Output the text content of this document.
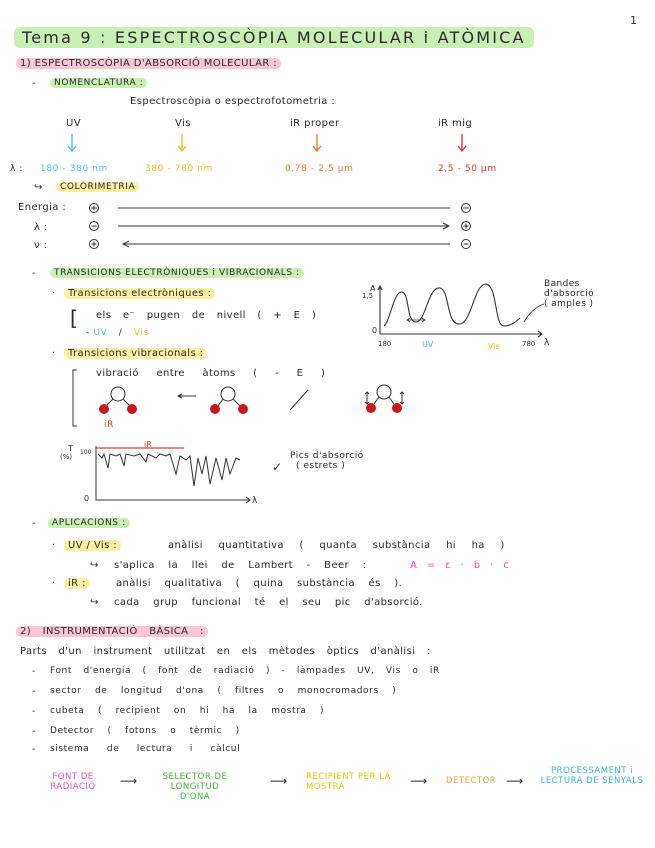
1
Tema 9 : ESPECTROSCÒPIA MOLECULAR i ATÒMICA
1) ESPECTROSCÒPIA D'ABSORCIÓ MOLECULAR :
-	NOMENCLATURA :
Espectroscòpia o espectrofotometria :
UV	Vis	iR proper	iR mig
λ : 180 - 380 nm	380 - 780 nm	0,78 - 2,5 μm	2,5 - 50 μm
↪	COLORIMETRIA
Energia :
λ :
ν :
-	TRANSICIONS ELECTRÒNIQUES i VIBRACIONALS :
·	Transicions electròniques :
[ els e⁻ pugen de nivell ( + E )
- UV / Vis
A
1,5
0
180	UV	Vis	780 λ
Bandes
d'absorció
( amples )
·	Transicions vibracionals :
vibració entre àtoms ( - E )
iR
T
(%)
100
iR
0	λ
✓
Pics d'absorció
( estrets )
-	APLICACIONS :
·	UV / Vis :	anàlisi quantitativa ( quanta substància hi ha )
↪ s'aplica la llei de Lambert - Beer :	A = ε · b · c
·	iR :	anàlisi qualitativa ( quina substància és ).
↪ cada grup funcional té el seu pic d'absorció.
2) INSTRUMENTACIÓ BÀSICA :
Parts d'un instrument utilitzat en els mètodes òptics d'anàlisi :
- Font d'energia ( font de radiació ) - làmpades UV, Vis o iR
- sector de longitud d'ona ( filtres o monocromadors )
- cubeta ( recipient on hi ha la mostra )
- Detector ( fotons o tèrmic )
- sistema de lectura i càlcul
FONT DE RADIACIÓ	⟶	SELECTOR DE LONGITUD D'ONA
⟶ RECIPIENT PER LA MOSTRA	⟶ DETECTOR ⟶
PROCESSAMENT i LECTURA DE SENYALS
